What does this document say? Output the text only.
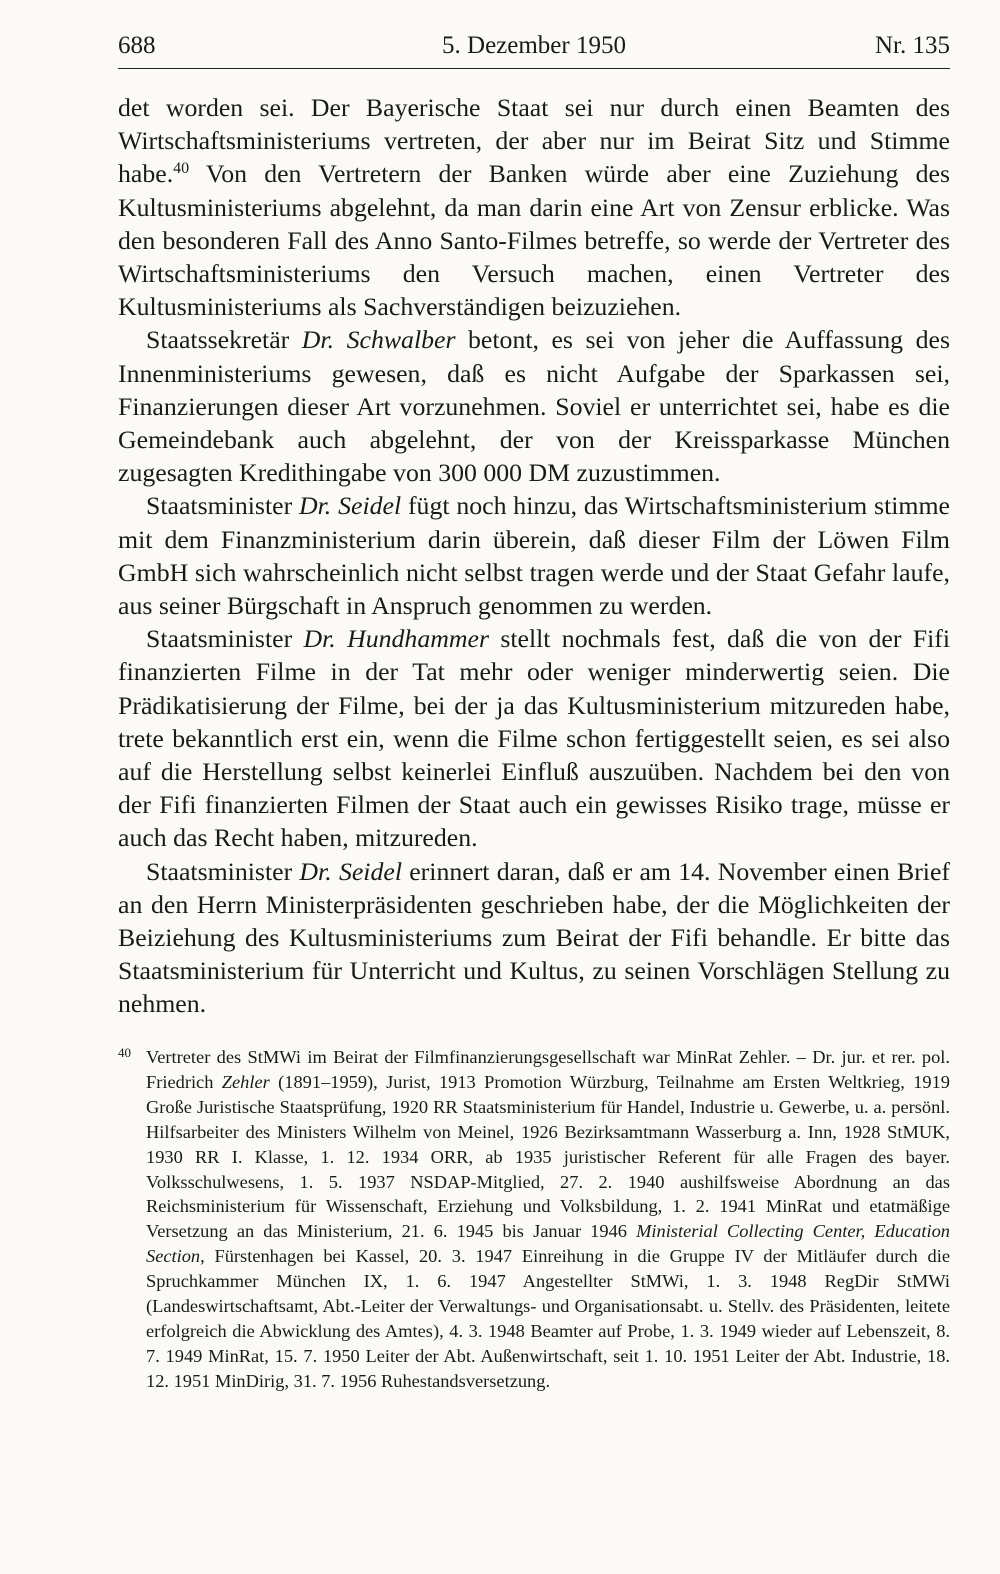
688	5. Dezember 1950	Nr. 135

det worden sei. Der Bayerische Staat sei nur durch einen Beamten des Wirtschaftsministeriums vertreten, der aber nur im Beirat Sitz und Stimme habe.$^{40}$ Von den Vertretern der Banken würde aber eine Zuziehung des Kultusministeriums abgelehnt, da man darin eine Art von Zensur erblicke. Was den besonderen Fall des Anno Santo-Filmes betreffe, so werde der Vertreter des Wirtschaftsministeriums den Versuch machen, einen Vertreter des Kultusministeriums als Sachverständigen beizuziehen.

Staatssekretär Dr. Schwalber betont, es sei von jeher die Auffassung des Innenministeriums gewesen, daß es nicht Aufgabe der Sparkassen sei, Finanzierungen dieser Art vorzunehmen. Soviel er unterrichtet sei, habe es die Gemeindebank auch abgelehnt, der von der Kreissparkasse München zugesagten Kredithingabe von 300 000 DM zuzustimmen.

Staatsminister Dr. Seidel fügt noch hinzu, das Wirtschaftsministerium stimme mit dem Finanzministerium darin überein, daß dieser Film der Löwen Film GmbH sich wahrscheinlich nicht selbst tragen werde und der Staat Gefahr laufe, aus seiner Bürgschaft in Anspruch genommen zu werden.

Staatsminister Dr. Hundhammer stellt nochmals fest, daß die von der Fifi finanzierten Filme in der Tat mehr oder weniger minderwertig seien. Die Prädikatisierung der Filme, bei der ja das Kultusministerium mitzureden habe, trete bekanntlich erst ein, wenn die Filme schon fertiggestellt seien, es sei also auf die Herstellung selbst keinerlei Einfluß auszuüben. Nachdem bei den von der Fifi finanzierten Filmen der Staat auch ein gewisses Risiko trage, müsse er auch das Recht haben, mitzureden.

Staatsminister Dr. Seidel erinnert daran, daß er am 14. November einen Brief an den Herrn Ministerpräsidenten geschrieben habe, der die Möglichkeiten der Beiziehung des Kultusministeriums zum Beirat der Fifi behandle. Er bitte das Staatsministerium für Unterricht und Kultus, zu seinen Vorschlägen Stellung zu nehmen.

40 Vertreter des StMWi im Beirat der Filmfinanzierungsgesellschaft war MinRat Zehler. – Dr. jur. et rer. pol. Friedrich Zehler (1891–1959), Jurist, 1913 Promotion Würzburg, Teilnahme am Ersten Weltkrieg, 1919 Große Juristische Staatsprüfung, 1920 RR Staatsministerium für Handel, Industrie u. Gewerbe, u. a. persönl. Hilfsarbeiter des Ministers Wilhelm von Meinel, 1926 Bezirksamtmann Wasserburg a. Inn, 1928 StMUK, 1930 RR I. Klasse, 1. 12. 1934 ORR, ab 1935 juristischer Referent für alle Fragen des bayer. Volksschulwesens, 1. 5. 1937 NSDAP-Mitglied, 27. 2. 1940 aushilfsweise Abordnung an das Reichsministerium für Wissenschaft, Erziehung und Volksbildung, 1. 2. 1941 MinRat und etatmäßige Versetzung an das Ministerium, 21. 6. 1945 bis Januar 1946 Ministerial Collecting Center, Education Section, Fürstenhagen bei Kassel, 20. 3. 1947 Einreihung in die Gruppe IV der Mitläufer durch die Spruchkammer München IX, 1. 6. 1947 Angestellter StMWi, 1. 3. 1948 RegDir StMWi (Landeswirtschaftsamt, Abt.-Leiter der Verwaltungs- und Organisationsabt. u. Stellv. des Präsidenten, leitete erfolgreich die Abwicklung des Amtes), 4. 3. 1948 Beamter auf Probe, 1. 3. 1949 wieder auf Lebenszeit, 8. 7. 1949 MinRat, 15. 7. 1950 Leiter der Abt. Außenwirtschaft, seit 1. 10. 1951 Leiter der Abt. Industrie, 18. 12. 1951 MinDirig, 31. 7. 1956 Ruhestandsversetzung.
